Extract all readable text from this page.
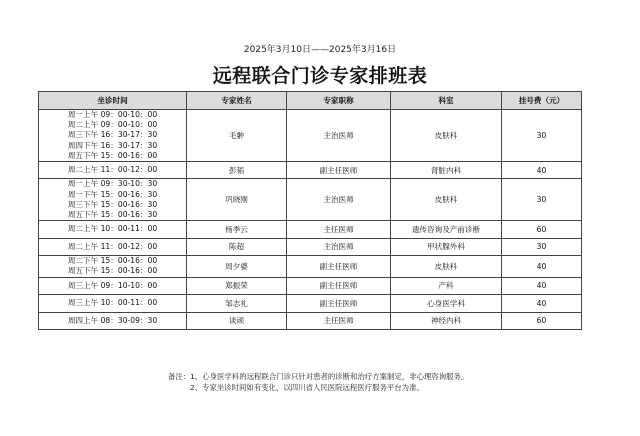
2025年3月10日——2025年3月16日
远程联合门诊专家排班表
坐诊时间	专家姓名	专家职称	科室	挂号费（元）

周一上午 09：00-10：00
周二上午 09：00-10：00
周三下午 16：30-17：30
周四下午 16：30-17：30
周五下午 15：00-16：00	毛翀	主治医师	皮肤科	30

周二上午 11：00-12：00	彭韬	副主任医师	肾脏内科	40

周一上午 09：30-10：30
周一下午 15：00-16：30
周三下午 15：00-16：30
周五下午 15：00-16：30	巩晓刚	主治医师	皮肤科	30

周二上午 10：00-11：00	杨季云	主任医师	遗传咨询及产前诊断	60

周二上午 11：00-12：00	陈超	主治医师	甲状腺外科	30

周二下午 15：00-16：00
周五下午 15：00-16：00	周夕婆	副主任医师	皮肤科	40

周三上午 09：10-10：00	郑振荣	副主任医师	产科	40

周三上午 10：00-11：00	邹志礼	副主任医师	心身医学科	40

周四上午 08：30-09：30	谈顽	主任医师	神经内科	60
备注：1、心身医学科的远程联合门诊只针对患者的诊断和治疗方案制定，非心理咨询服务。
2、专家坐诊时间如有变化，以四川省人民医院远程医疗服务平台为准。
